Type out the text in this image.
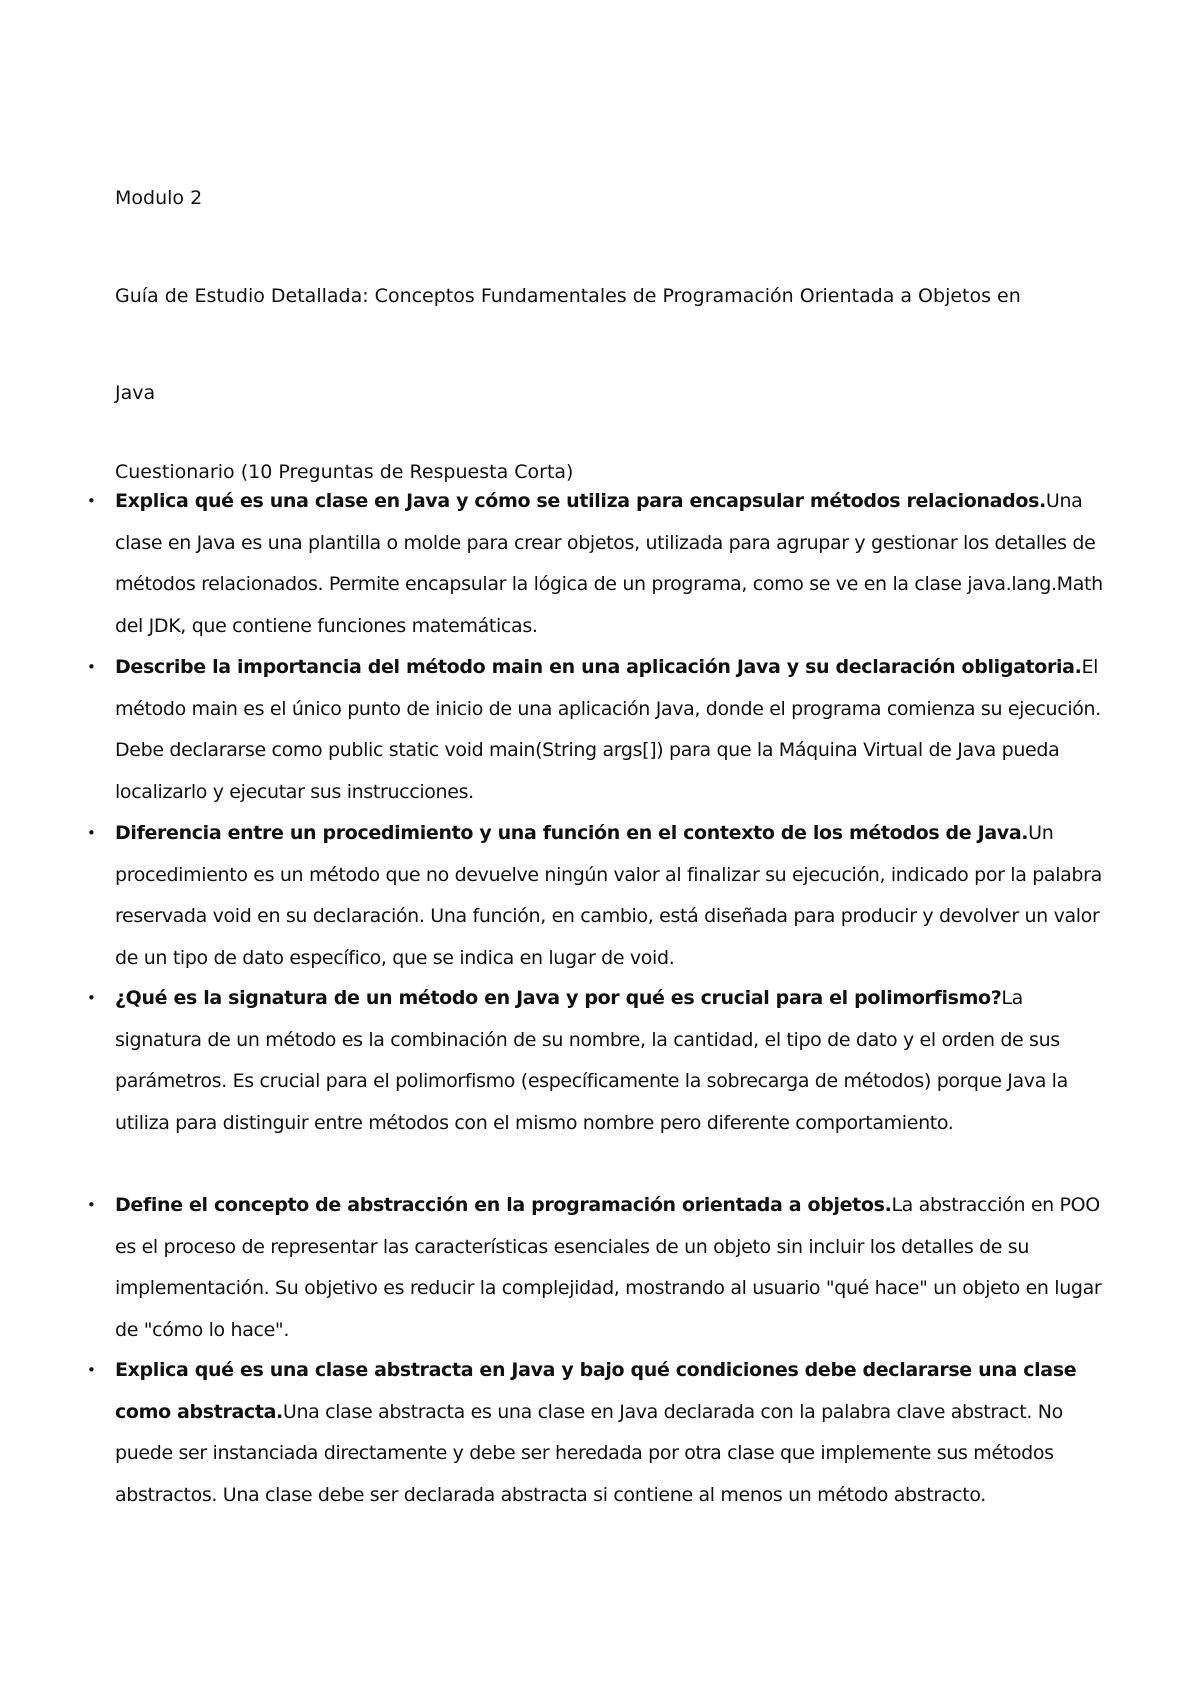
Modulo 2

Guía de Estudio Detallada: Conceptos Fundamentales de Programación Orientada a Objetos en

Java

Cuestionario (10 Preguntas de Respuesta Corta)

• Explica qué es una clase en Java y cómo se utiliza para encapsular métodos relacionados.Una clase en Java es una plantilla o molde para crear objetos, utilizada para agrupar y gestionar los detalles de métodos relacionados. Permite encapsular la lógica de un programa, como se ve en la clase java.lang.Math del JDK, que contiene funciones matemáticas.
• Describe la importancia del método main en una aplicación Java y su declaración obligatoria.El método main es el único punto de inicio de una aplicación Java, donde el programa comienza su ejecución. Debe declararse como public static void main(String args[]) para que la Máquina Virtual de Java pueda localizarlo y ejecutar sus instrucciones.
• Diferencia entre un procedimiento y una función en el contexto de los métodos de Java.Un procedimiento es un método que no devuelve ningún valor al finalizar su ejecución, indicado por la palabra reservada void en su declaración. Una función, en cambio, está diseñada para producir y devolver un valor de un tipo de dato específico, que se indica en lugar de void.
• ¿Qué es la signatura de un método en Java y por qué es crucial para el polimorfismo?La signatura de un método es la combinación de su nombre, la cantidad, el tipo de dato y el orden de sus parámetros. Es crucial para el polimorfismo (específicamente la sobrecarga de métodos) porque Java la utiliza para distinguir entre métodos con el mismo nombre pero diferente comportamiento.
• Define el concepto de abstracción en la programación orientada a objetos.La abstracción en POO es el proceso de representar las características esenciales de un objeto sin incluir los detalles de su implementación. Su objetivo es reducir la complejidad, mostrando al usuario "qué hace" un objeto en lugar de "cómo lo hace".
• Explica qué es una clase abstracta en Java y bajo qué condiciones debe declararse una clase como abstracta.Una clase abstracta es una clase en Java declarada con la palabra clave abstract. No puede ser instanciada directamente y debe ser heredada por otra clase que implemente sus métodos abstractos. Una clase debe ser declarada abstracta si contiene al menos un método abstracto.
